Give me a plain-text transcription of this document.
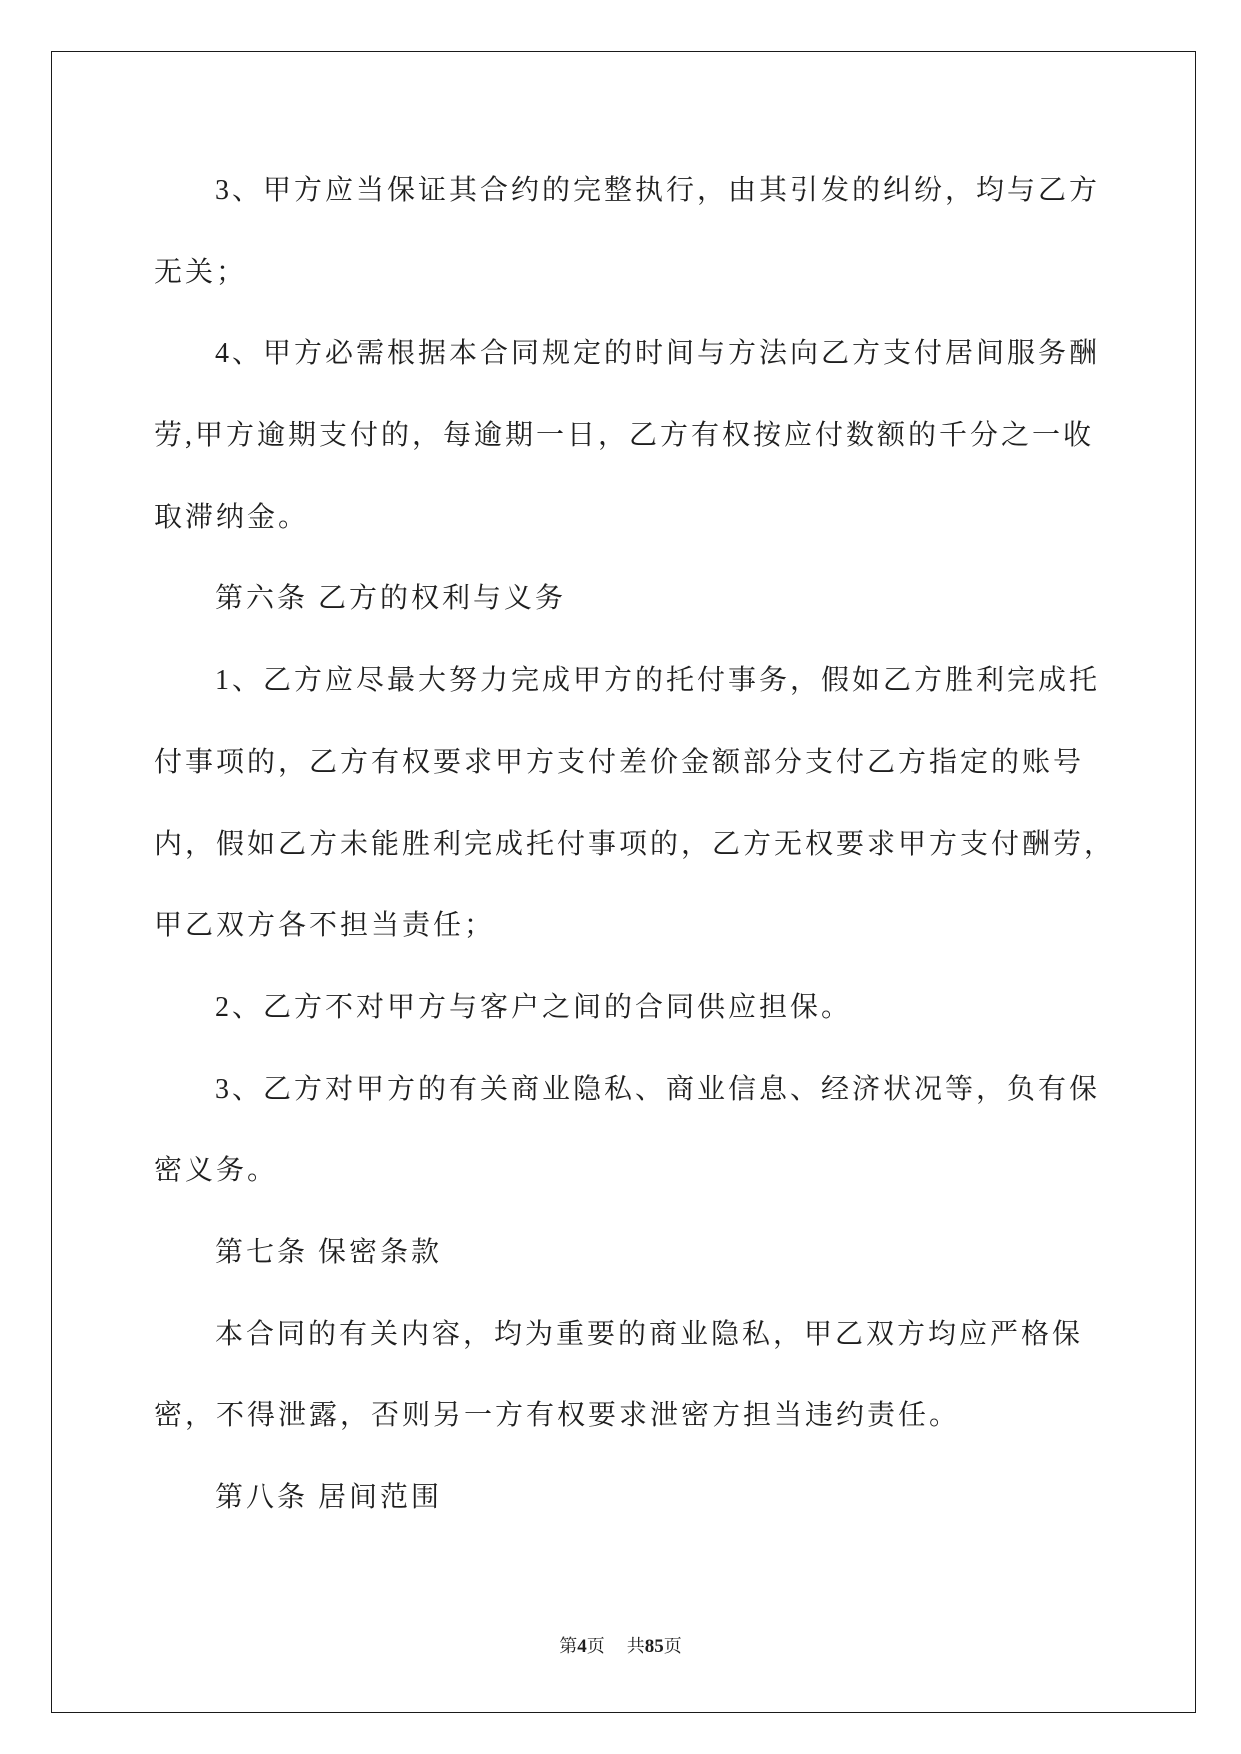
3、甲方应当保证其合约的完整执行，由其引发的纠纷，均与乙方
无关；
4、甲方必需根据本合同规定的时间与方法向乙方支付居间服务酬
劳,甲方逾期支付的，每逾期一日，乙方有权按应付数额的千分之一收
取滞纳金。
第六条 乙方的权利与义务
1、乙方应尽最大努力完成甲方的托付事务，假如乙方胜利完成托
付事项的，乙方有权要求甲方支付差价金额部分支付乙方指定的账号
内，假如乙方未能胜利完成托付事项的，乙方无权要求甲方支付酬劳，
甲乙双方各不担当责任；
2、乙方不对甲方与客户之间的合同供应担保。
3、乙方对甲方的有关商业隐私、商业信息、经济状况等，负有保
密义务。
第七条 保密条款
本合同的有关内容，均为重要的商业隐私，甲乙双方均应严格保
密，不得泄露，否则另一方有权要求泄密方担当违约责任。
第八条 居间范围
第4页 共85页
